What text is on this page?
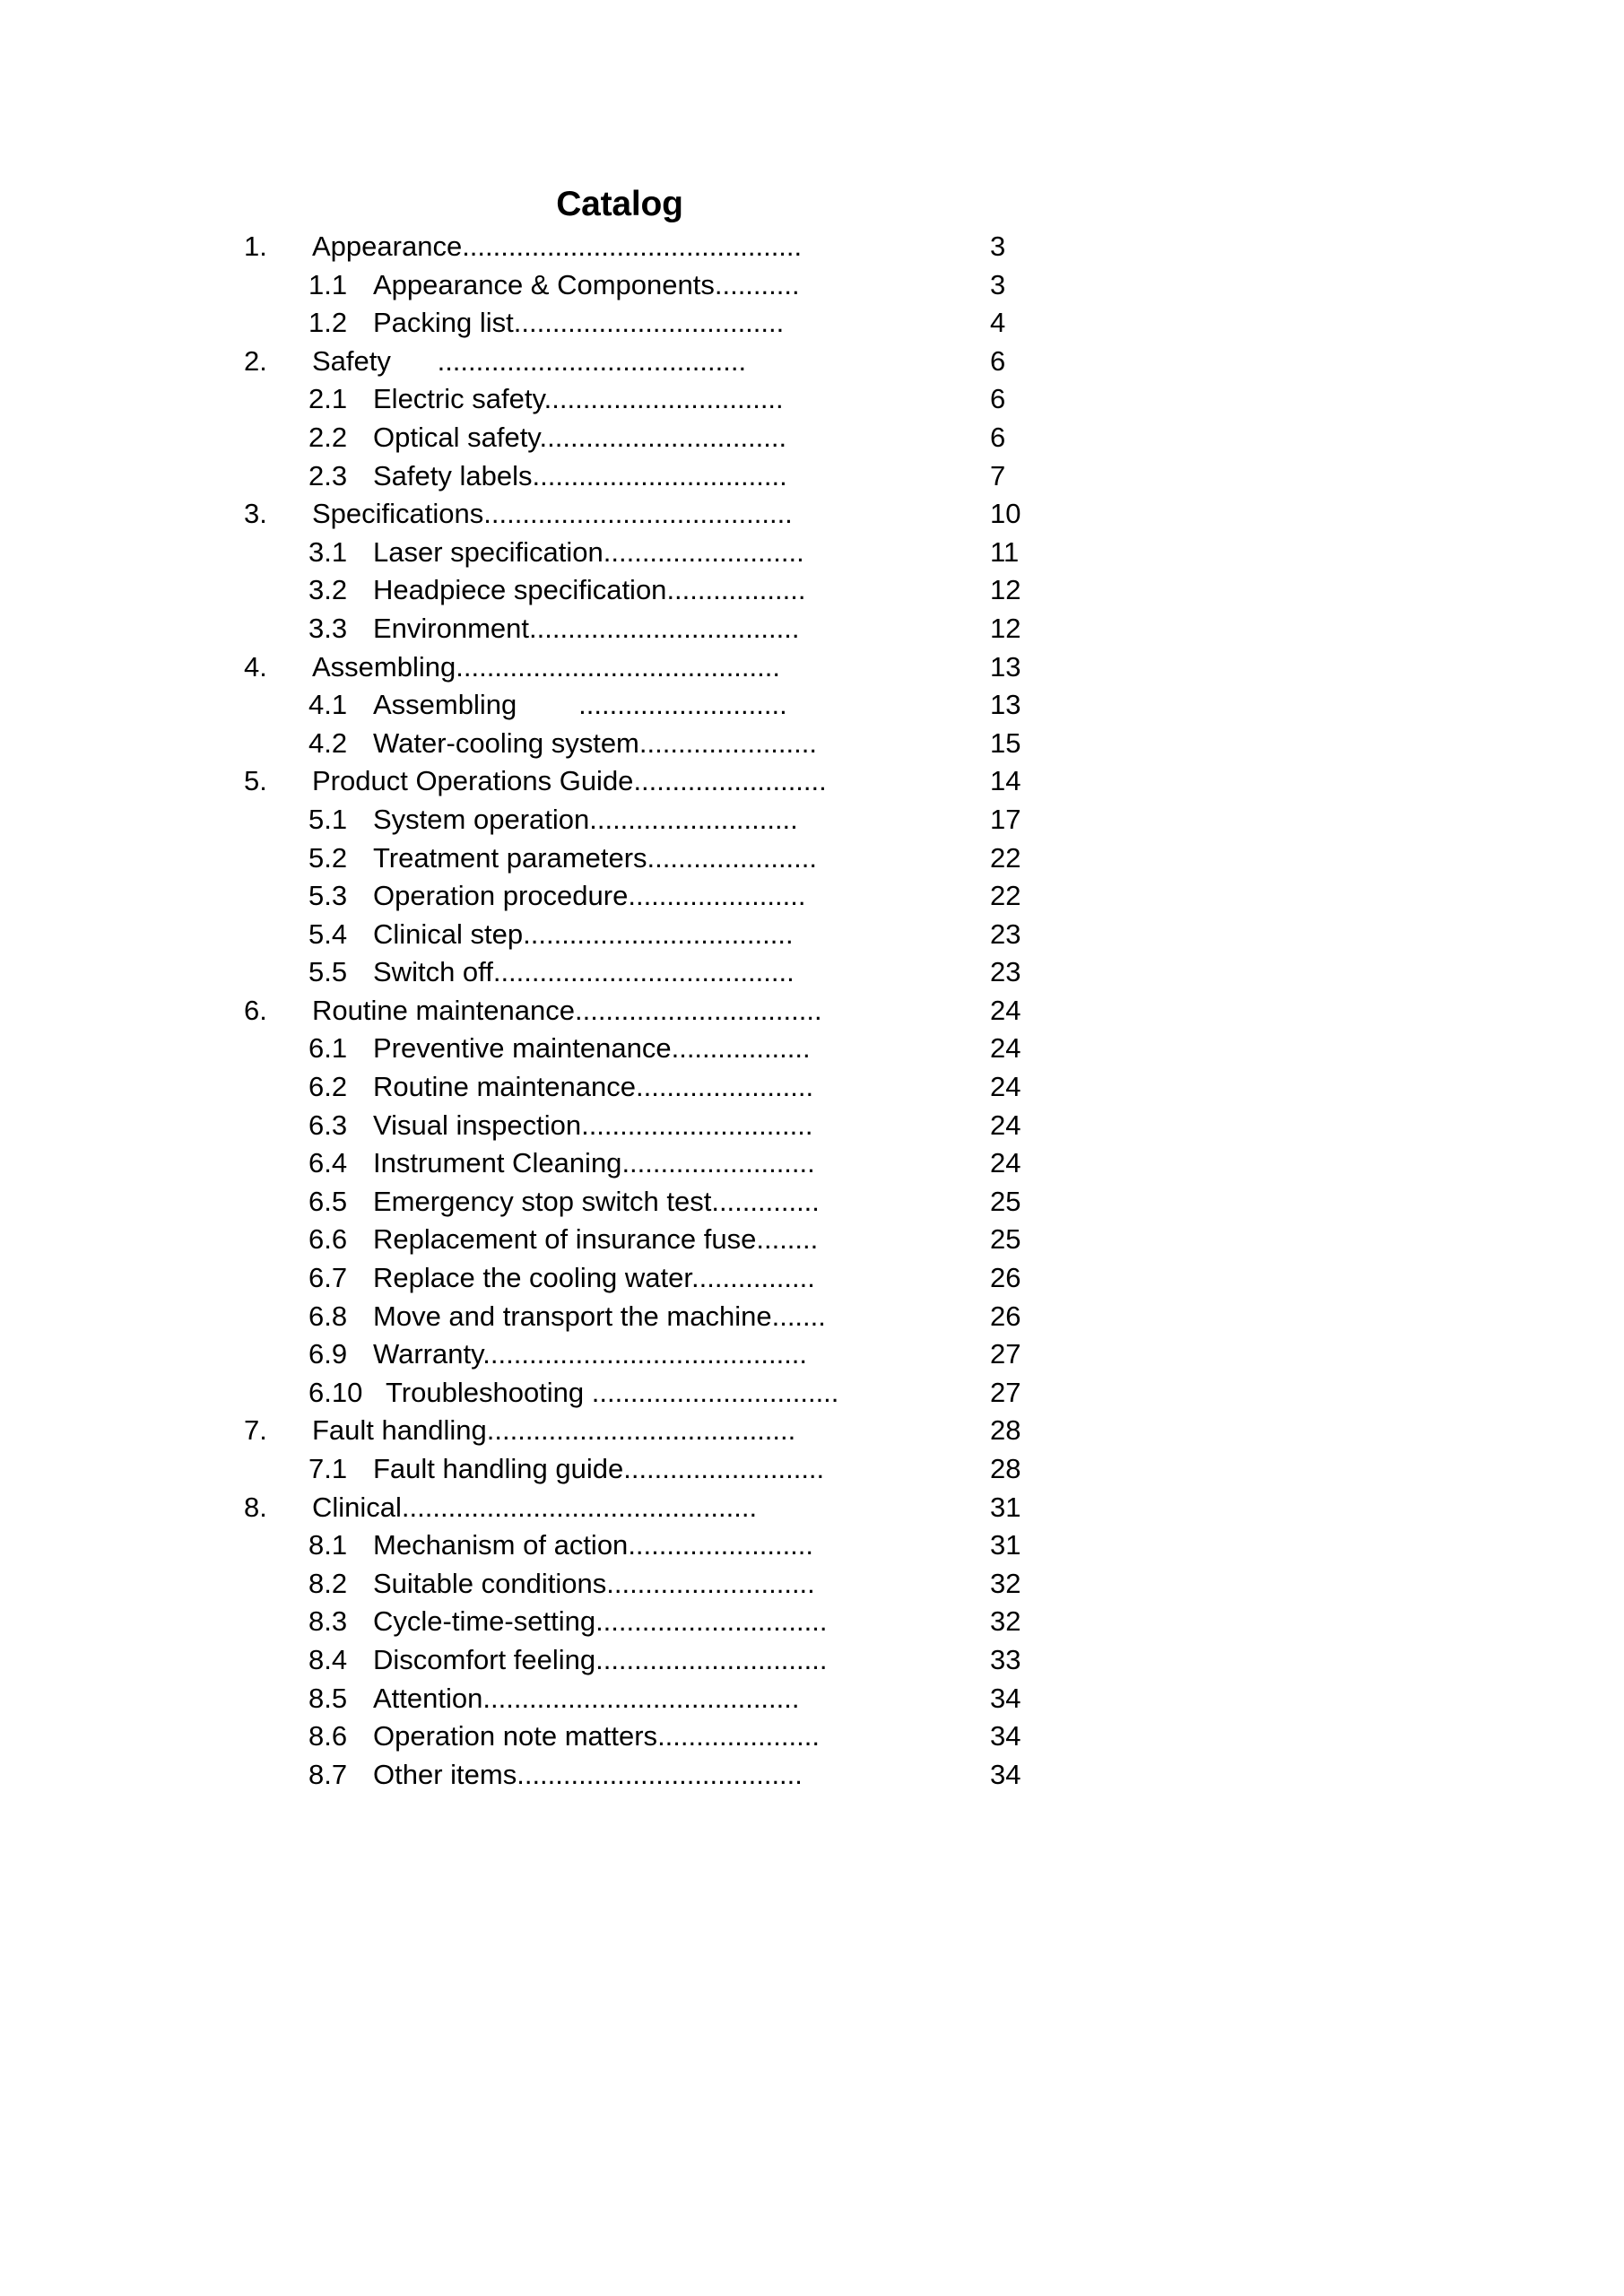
Catalog
1. Appearance............................................	3
1.1 Appearance & Components...........	3
1.2 Packing list...................................	4
2. Safety ........................................	6
2.1 Electric safety...............................	6
2.2 Optical safety................................	6
2.3 Safety labels.................................	7
3. Specifications........................................	10
3.1 Laser specification..........................	11
3.2 Headpiece specification..................	12
3.3 Environment...................................	12
4. Assembling..........................................	13
4.1 Assembling ...........................	13
4.2 Water-cooling system.......................	15
5. Product Operations Guide.........................	14
5.1 System operation...........................	17
5.2 Treatment parameters......................	22
5.3 Operation procedure.......................	22
5.4 Clinical step...................................	23
5.5 Switch off.......................................	23
6. Routine maintenance................................	24
6.1 Preventive maintenance..................	24
6.2 Routine maintenance.......................	24
6.3 Visual inspection..............................	24
6.4 Instrument Cleaning.........................	24
6.5 Emergency stop switch test..............	25
6.6 Replacement of insurance fuse........	25
6.7 Replace the cooling water................	26
6.8 Move and transport the machine.......	26
6.9 Warranty..........................................	27
6.10 Troubleshooting ................................	27
7. Fault handling........................................	28
7.1 Fault handling guide..........................	28
8. Clinical..............................................	31
8.1 Mechanism of action........................	31
8.2 Suitable conditions...........................	32
8.3 Cycle-time-setting..............................	32
8.4 Discomfort feeling..............................	33
8.5 Attention.........................................	34
8.6 Operation note matters.....................	34
8.7 Other items.....................................	34
